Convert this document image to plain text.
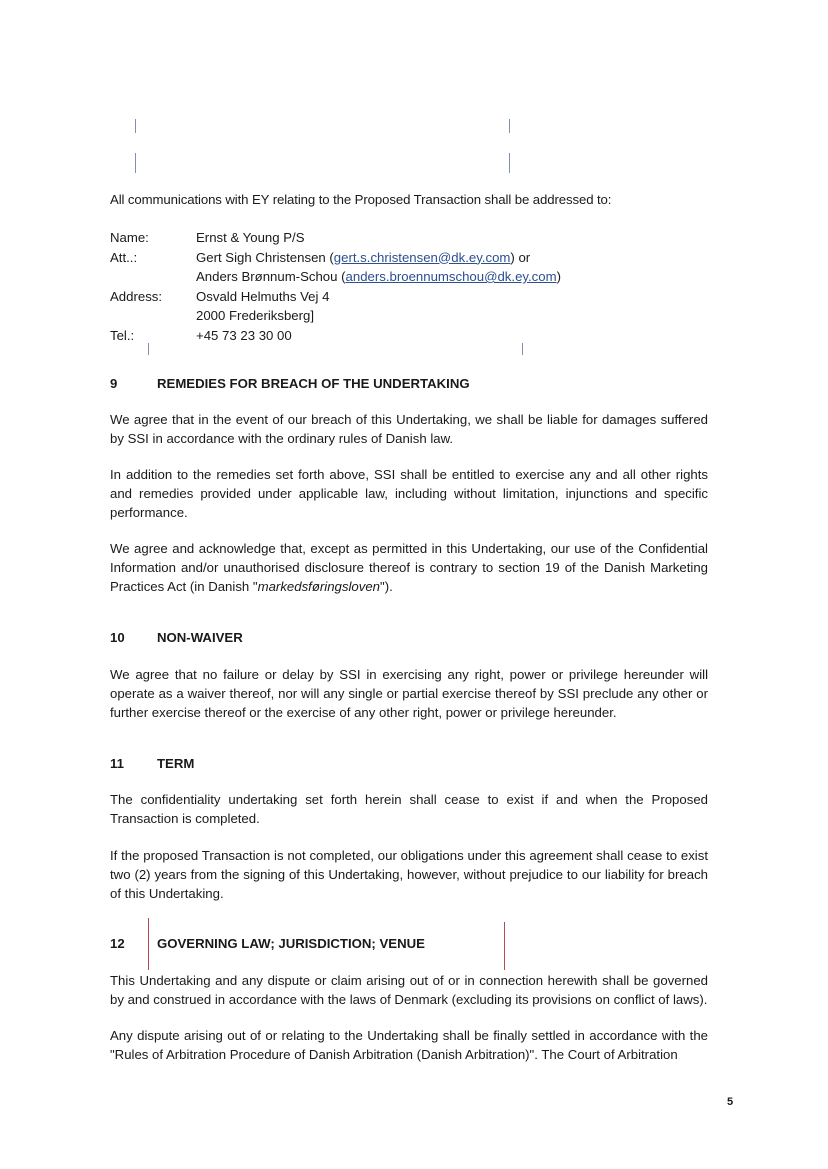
All communications with EY relating to the Proposed Transaction shall be addressed to:
Name:	Ernst & Young P/S
Att..:	Gert Sigh Christensen (gert.s.christensen@dk.ey.com) or
Anders Brønnum-Schou (anders.broennumschou@dk.ey.com)
Address:	Osvald Helmuths Vej 4
2000 Frederiksberg]
Tel.:	+45 73 23 30 00
9	REMEDIES FOR BREACH OF THE UNDERTAKING
We agree that in the event of our breach of this Undertaking, we shall be liable for damages suffered by SSI in accordance with the ordinary rules of Danish law.
In addition to the remedies set forth above, SSI shall be entitled to exercise any and all other rights and remedies provided under applicable law, including without limitation, injunctions and specific performance.
We agree and acknowledge that, except as permitted in this Undertaking, our use of the Confidential Information and/or unauthorised disclosure thereof is contrary to section 19 of the Danish Marketing Practices Act (in Danish "markedsføringsloven").
10 NON-WAIVER
We agree that no failure or delay by SSI in exercising any right, power or privilege hereunder will operate as a waiver thereof, nor will any single or partial exercise thereof by SSI preclude any other or further exercise thereof or the exercise of any other right, power or privilege hereunder.
11	TERM
The confidentiality undertaking set forth herein shall cease to exist if and when the Proposed Transaction is completed.
If the proposed Transaction is not completed, our obligations under this agreement shall cease to exist two (2) years from the signing of this Undertaking, however, without prejudice to our liability for breach of this Undertaking.
12 GOVERNING LAW; JURISDICTION; VENUE
This Undertaking and any dispute or claim arising out of or in connection herewith shall be governed by and construed in accordance with the laws of Denmark (excluding its provisions on conflict of laws).
Any dispute arising out of or relating to the Undertaking shall be finally settled in accordance with the "Rules of Arbitration Procedure of Danish Arbitration (Danish Arbitration)". The Court of Arbitration
5
